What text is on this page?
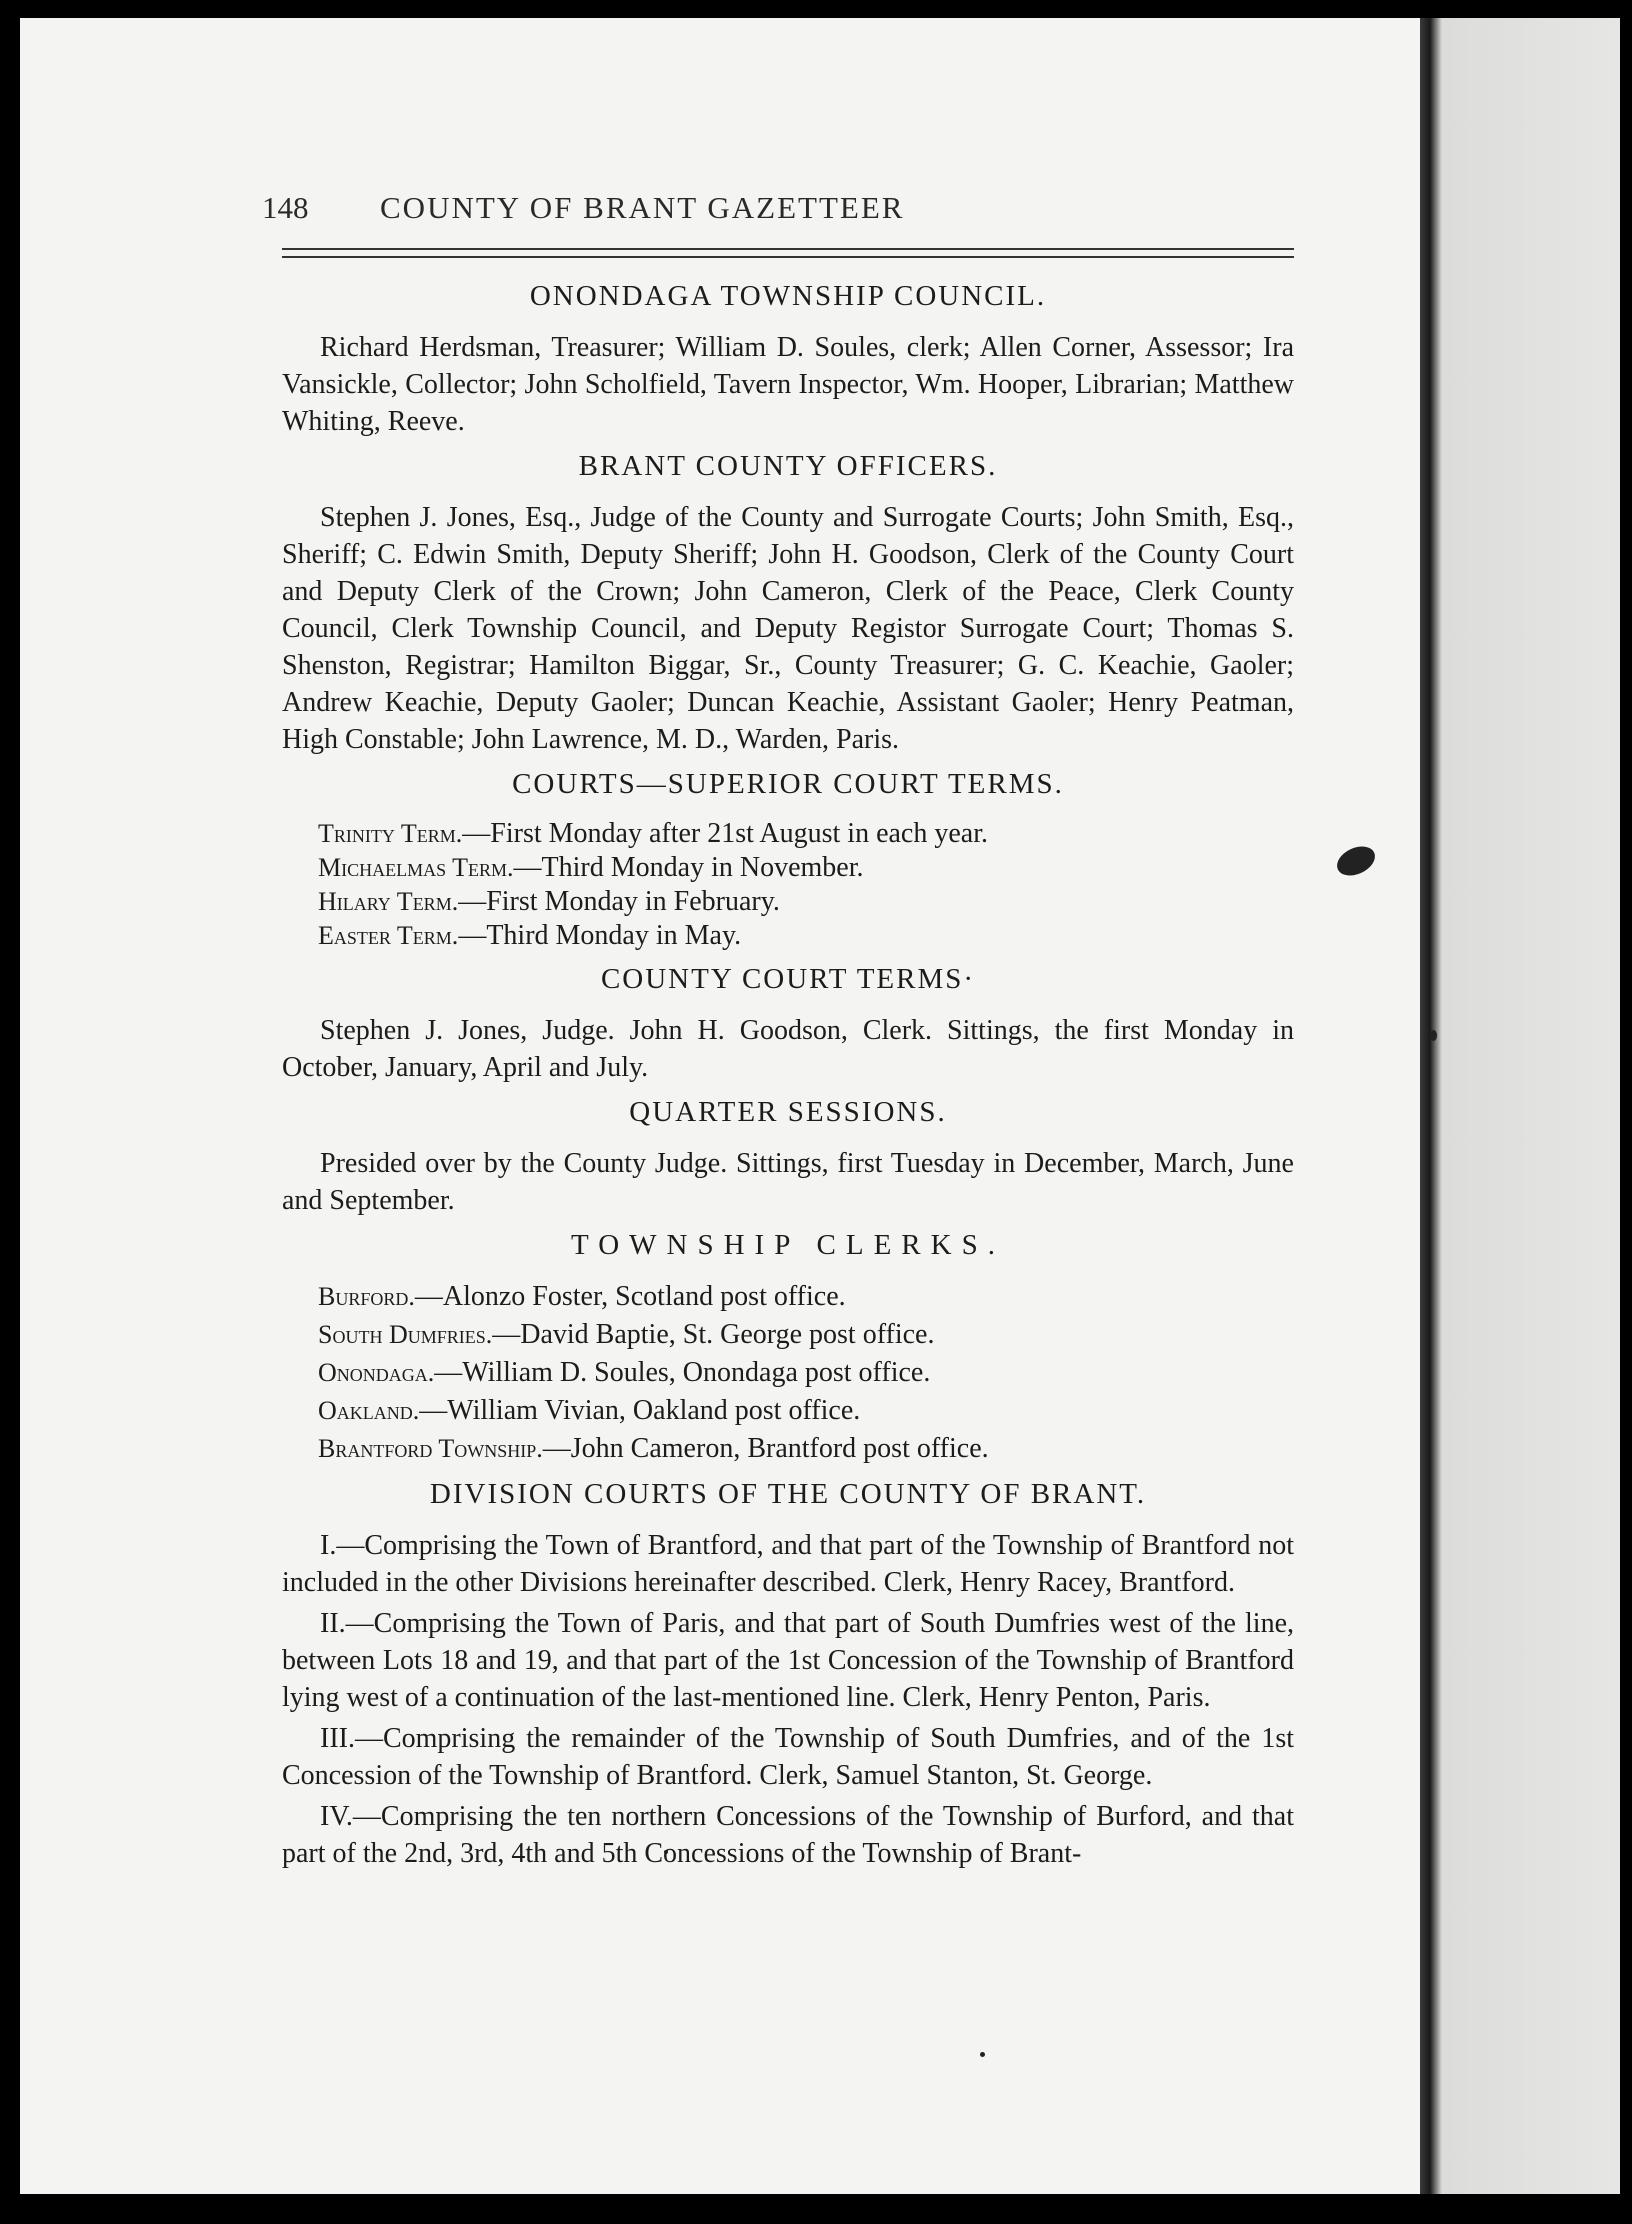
148 COUNTY OF BRANT GAZETTEER
ONONDAGA TOWNSHIP COUNCIL.

Richard Herdsman, Treasurer; William D. Soules, clerk; Allen Corner, Assessor; Ira Vansickle, Collector; John Scholfield, Tavern Inspector, Wm. Hooper, Librarian; Matthew Whiting, Reeve.

BRANT COUNTY OFFICERS.

Stephen J. Jones, Esq., Judge of the County and Surrogate Courts; John Smith, Esq., Sheriff; C. Edwin Smith, Deputy Sheriff; John H. Goodson, Clerk of the County Court and Deputy Clerk of the Crown; John Cameron, Clerk of the Peace, Clerk County Council, Clerk Township Council, and Deputy Registor Surrogate Court; Thomas S. Shenston, Registrar; Hamilton Biggar, Sr., County Treasurer; G. C. Keachie, Gaoler; Andrew Keachie, Deputy Gaoler; Duncan Keachie, Assistant Gaoler; Henry Peatman, High Constable; John Lawrence, M. D., Warden, Paris.

COURTS—SUPERIOR COURT TERMS.

Trinity Term.—First Monday after 21st August in each year.

Michaelmas Term.—Third Monday in November.

Hilary Term.—First Monday in February.

Easter Term.—Third Monday in May.

COUNTY COURT TERMS·

Stephen J. Jones, Judge. John H. Goodson, Clerk. Sittings, the first Monday in October, January, April and July.

QUARTER SESSIONS.

Presided over by the County Judge. Sittings, first Tuesday in December, March, June and September.

TOWNSHIP CLERKS.

Burford.—Alonzo Foster, Scotland post office.

South Dumfries.—David Baptie, St. George post office.

Onondaga.—William D. Soules, Onondaga post office.

Oakland.—William Vivian, Oakland post office.

Brantford Township.—John Cameron, Brantford post office.

DIVISION COURTS OF THE COUNTY OF BRANT.

I.—Comprising the Town of Brantford, and that part of the Township of Brantford not included in the other Divisions hereinafter described. Clerk, Henry Racey, Brantford.

II.—Comprising the Town of Paris, and that part of South Dumfries west of the line, between Lots 18 and 19, and that part of the 1st Concession of the Township of Brantford lying west of a continuation of the last-mentioned line. Clerk, Henry Penton, Paris.

III.—Comprising the remainder of the Township of South Dumfries, and of the 1st Concession of the Township of Brantford. Clerk, Samuel Stanton, St. George.

IV.—Comprising the ten northern Concessions of the Township of Burford, and that part of the 2nd, 3rd, 4th and 5th Concessions of the Township of Brant-
